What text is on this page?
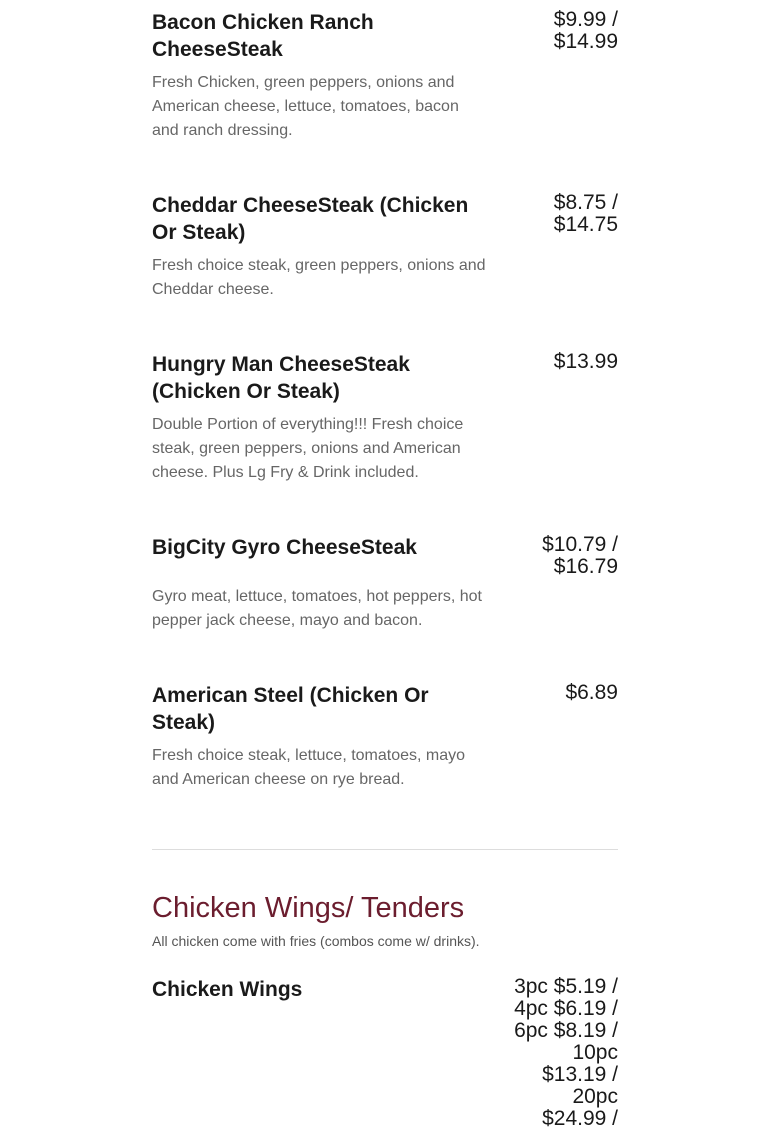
$9.99 /
$14.99
Bacon Chicken Ranch CheeseSteak

Fresh Chicken, green peppers, onions and American cheese, lettuce, tomatoes, bacon and ranch dressing.

$8.75 /
$14.75
Cheddar CheeseSteak (Chicken Or Steak)

Fresh choice steak, green peppers, onions and Cheddar cheese.

$13.99
Hungry Man CheeseSteak (Chicken Or Steak)

Double Portion of everything!!! Fresh choice steak, green peppers, onions and American cheese. Plus Lg Fry & Drink included.

$10.79 /
$16.79
BigCity Gyro CheeseSteak

Gyro meat, lettuce, tomatoes, hot peppers, hot pepper jack cheese, mayo and bacon.

$6.89
American Steel (Chicken Or Steak)

Fresh choice steak, lettuce, tomatoes, mayo and American cheese on rye bread.

Chicken Wings	3pc $5.19 /
4pc $6.19 /
6pc $8.19 /
10pc
$13.19 /
20pc
$24.99 /
Chicken Wings/ Tenders
All chicken come with fries (combos come w/ drinks).
